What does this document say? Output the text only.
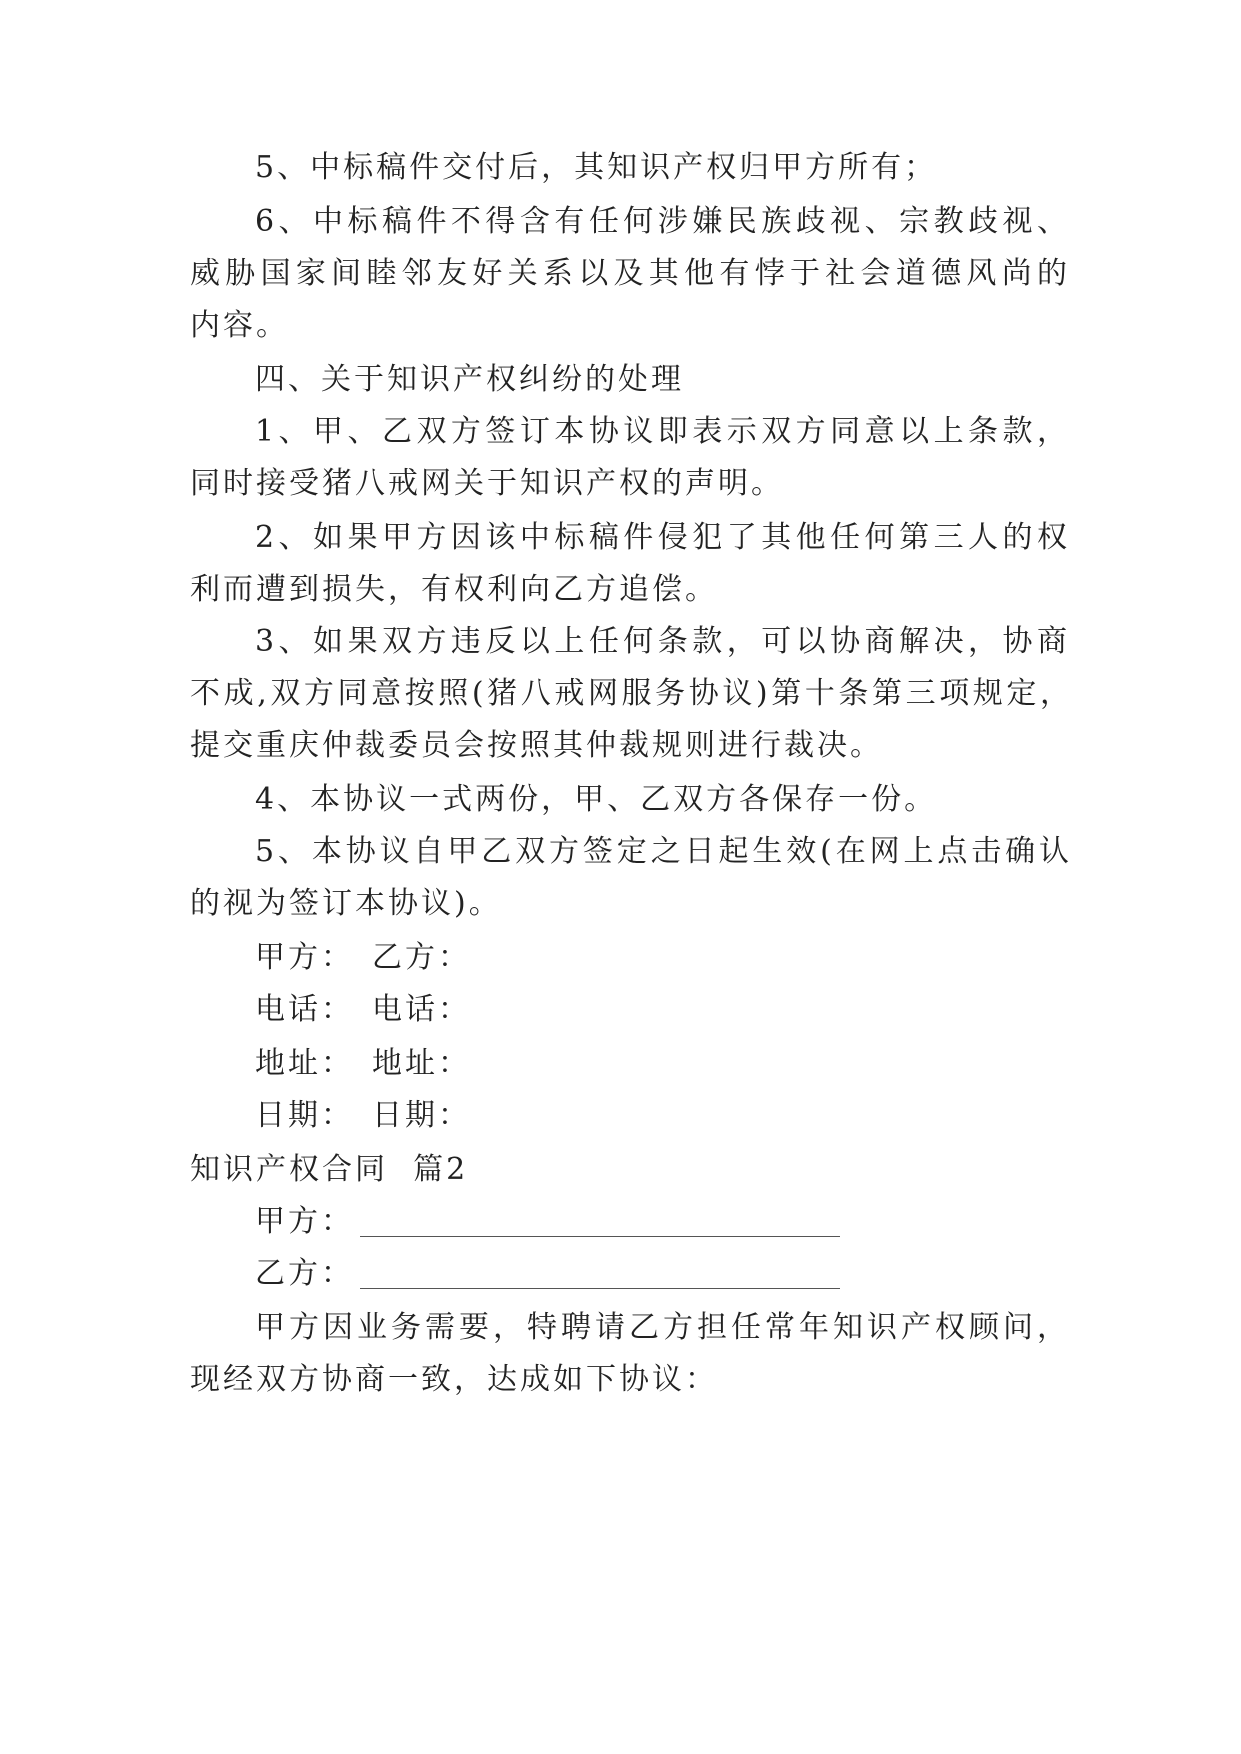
5、中标稿件交付后，其知识产权归甲方所有；
6、中标稿件不得含有任何涉嫌民族歧视、宗教歧视、
威胁国家间睦邻友好关系以及其他有悖于社会道德风尚的
内容。
四、关于知识产权纠纷的处理
1、甲、乙双方签订本协议即表示双方同意以上条款，
同时接受猪八戒网关于知识产权的声明。
2、如果甲方因该中标稿件侵犯了其他任何第三人的权
利而遭到损失，有权利向乙方追偿。
3、如果双方违反以上任何条款，可以协商解决，协商
不成,双方同意按照(猪八戒网服务协议)第十条第三项规定，
提交重庆仲裁委员会按照其仲裁规则进行裁决。
4、本协议一式两份，甲、乙双方各保存一份。
5、本协议自甲乙双方签定之日起生效(在网上点击确认
的视为签订本协议)。
甲方： 乙方：
电话： 电话：
地址： 地址：
日期： 日期：
知识产权合同  篇2
甲方：
乙方：
甲方因业务需要，特聘请乙方担任常年知识产权顾问，
现经双方协商一致，达成如下协议：
